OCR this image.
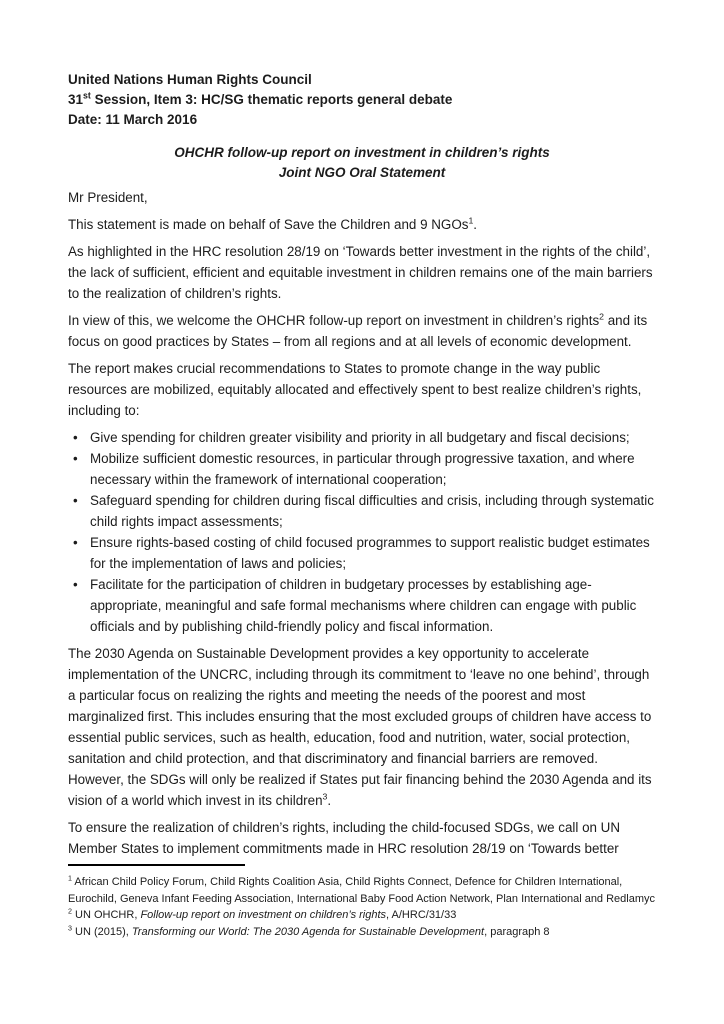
United Nations Human Rights Council

31st Session, Item 3: HC/SG thematic reports general debate

Date: 11 March 2016

OHCHR follow-up report on investment in children’s rights

Joint NGO Oral Statement

Mr President,

This statement is made on behalf of Save the Children and 9 NGOs$^1$.

As highlighted in the HRC resolution 28/19 on ‘Towards better investment in the rights of the child’, the lack of sufficient, efficient and equitable investment in children remains one of the main barriers to the realization of children’s rights.

In view of this, we welcome the OHCHR follow-up report on investment in children’s rights$^2$ and its focus on good practices by States – from all regions and at all levels of economic development.

The report makes crucial recommendations to States to promote change in the way public resources are mobilized, equitably allocated and effectively spent to best realize children’s rights, including to:

• Give spending for children greater visibility and priority in all budgetary and fiscal decisions;
• Mobilize sufficient domestic resources, in particular through progressive taxation, and where necessary within the framework of international cooperation;
• Safeguard spending for children during fiscal difficulties and crisis, including through systematic child rights impact assessments;
• Ensure rights-based costing of child focused programmes to support realistic budget estimates for the implementation of laws and policies;
• Facilitate for the participation of children in budgetary processes by establishing age-appropriate, meaningful and safe formal mechanisms where children can engage with public officials and by publishing child-friendly policy and fiscal information.

The 2030 Agenda on Sustainable Development provides a key opportunity to accelerate implementation of the UNCRC, including through its commitment to ‘leave no one behind’, through a particular focus on realizing the rights and meeting the needs of the poorest and most marginalized first. This includes ensuring that the most excluded groups of children have access to essential public services, such as health, education, food and nutrition, water, social protection, sanitation and child protection, and that discriminatory and financial barriers are removed. However, the SDGs will only be realized if States put fair financing behind the 2030 Agenda and its vision of a world which invest in its children$^3$.

To ensure the realization of children’s rights, including the child-focused SDGs, we call on UN Member States to implement commitments made in HRC resolution 28/19 on ‘Towards better

$^1$ African Child Policy Forum, Child Rights Coalition Asia, Child Rights Connect, Defence for Children International, Eurochild, Geneva Infant Feeding Association, International Baby Food Action Network, Plan International and Redlamyc

$^2$ UN OHCHR, Follow-up report on investment on children’s rights, A/HRC/31/33

$^3$ UN (2015), Transforming our World: The 2030 Agenda for Sustainable Development, paragraph 8
